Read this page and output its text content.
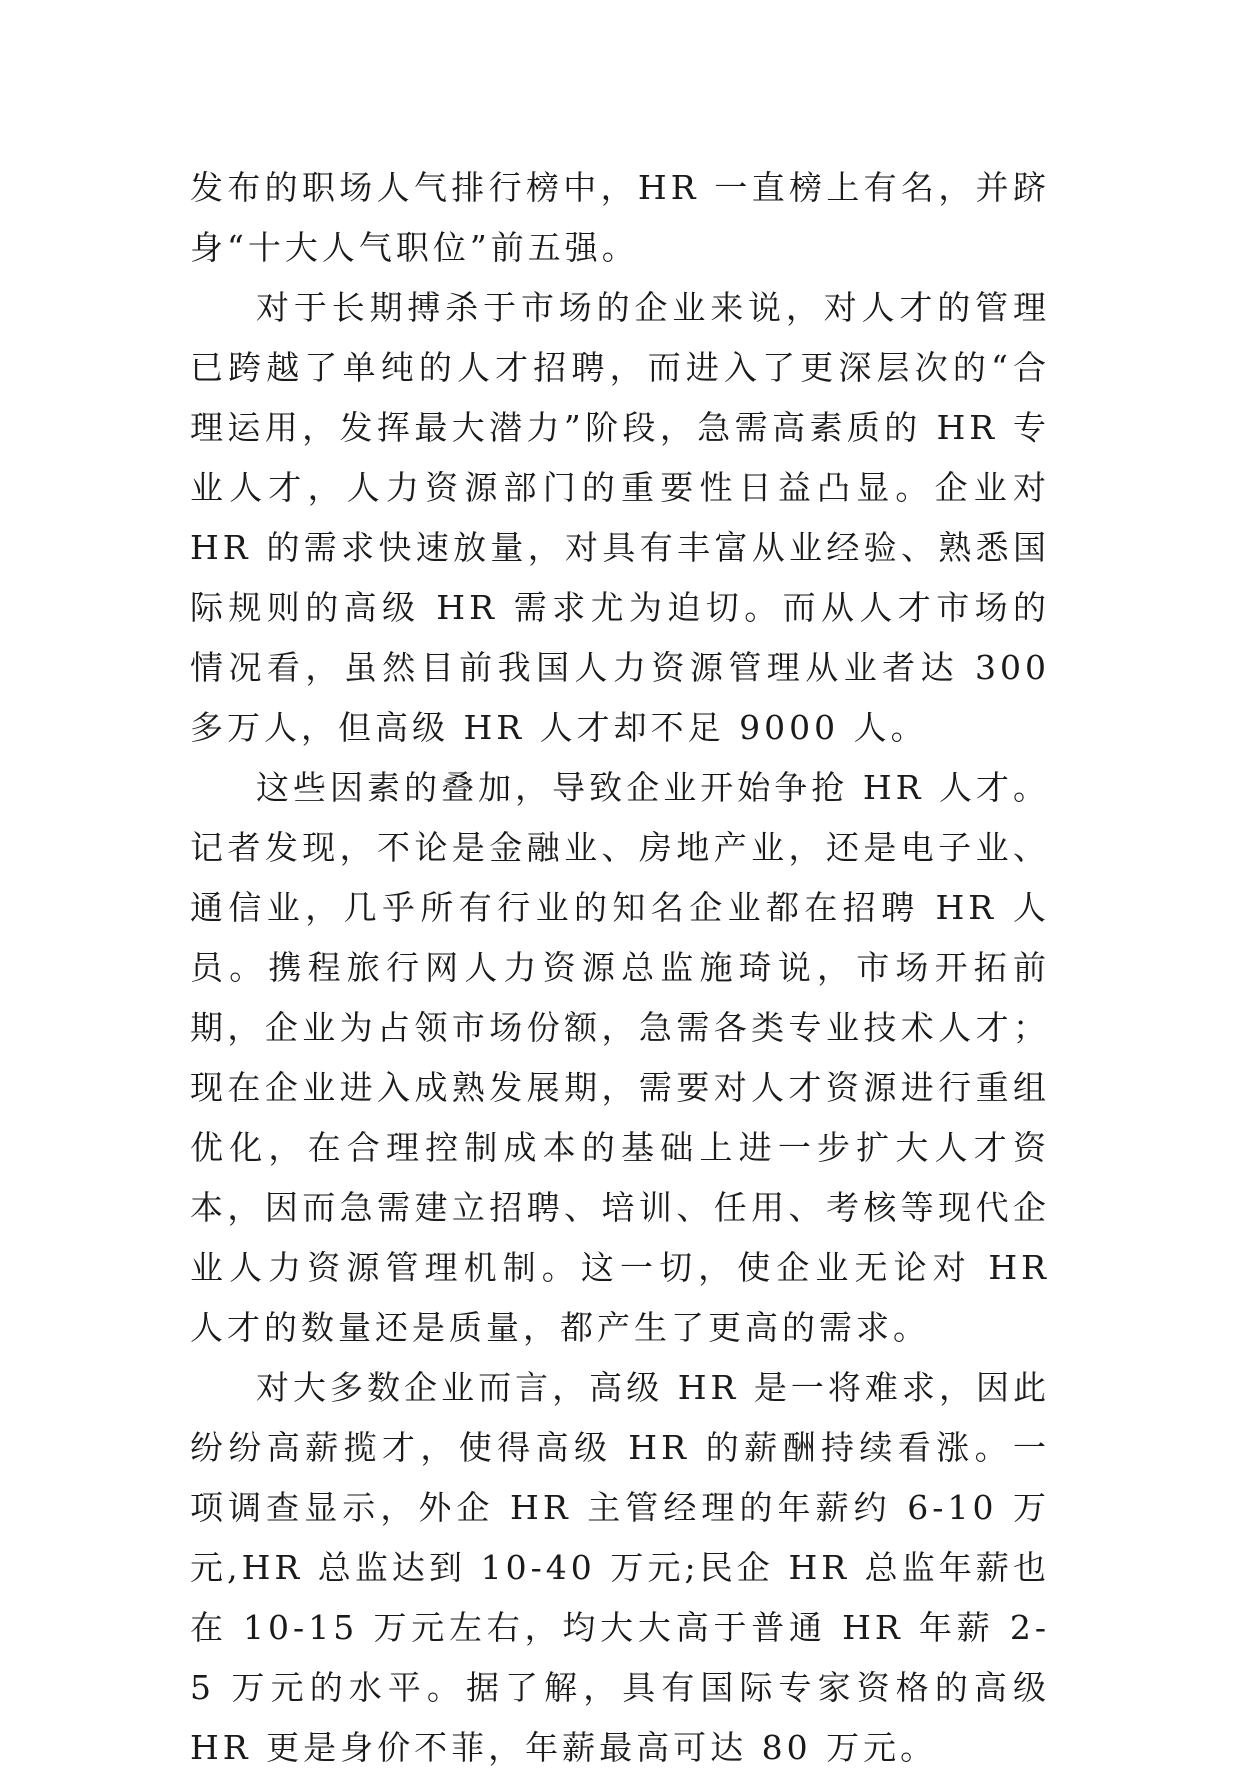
发布的职场人气排行榜中，HR 一直榜上有名，并跻身“十大人气职位”前五强。

对于长期搏杀于市场的企业来说，对人才的管理已跨越了单纯的人才招聘，而进入了更深层次的“合理运用，发挥最大潜力”阶段，急需高素质的 HR 专业人才，人力资源部门的重要性日益凸显。企业对 HR 的需求快速放量，对具有丰富从业经验、熟悉国际规则的高级 HR 需求尤为迫切。而从人才市场的情况看，虽然目前我国人力资源管理从业者达 300 多万人，但高级 HR 人才却不足 9000 人。

这些因素的叠加，导致企业开始争抢 HR 人才。记者发现，不论是金融业、房地产业，还是电子业、通信业，几乎所有行业的知名企业都在招聘 HR 人员。携程旅行网人力资源总监施琦说，市场开拓前期，企业为占领市场份额，急需各类专业技术人才；现在企业进入成熟发展期，需要对人才资源进行重组优化，在合理控制成本的基础上进一步扩大人才资本，因而急需建立招聘、培训、任用、考核等现代企业人力资源管理机制。这一切，使企业无论对 HR 人才的数量还是质量，都产生了更高的需求。

对大多数企业而言，高级 HR 是一将难求，因此纷纷高薪揽才，使得高级 HR 的薪酬持续看涨。一项调查显示，外企 HR 主管经理的年薪约 6-10 万元,HR 总监达到 10-40 万元;民企 HR 总监年薪也在 10-15 万元左右，均大大高于普通 HR 年薪 2-5 万元的水平。据了解，具有国际专家资格的高级 HR 更是身价不菲，年薪最高可达 80 万元。
